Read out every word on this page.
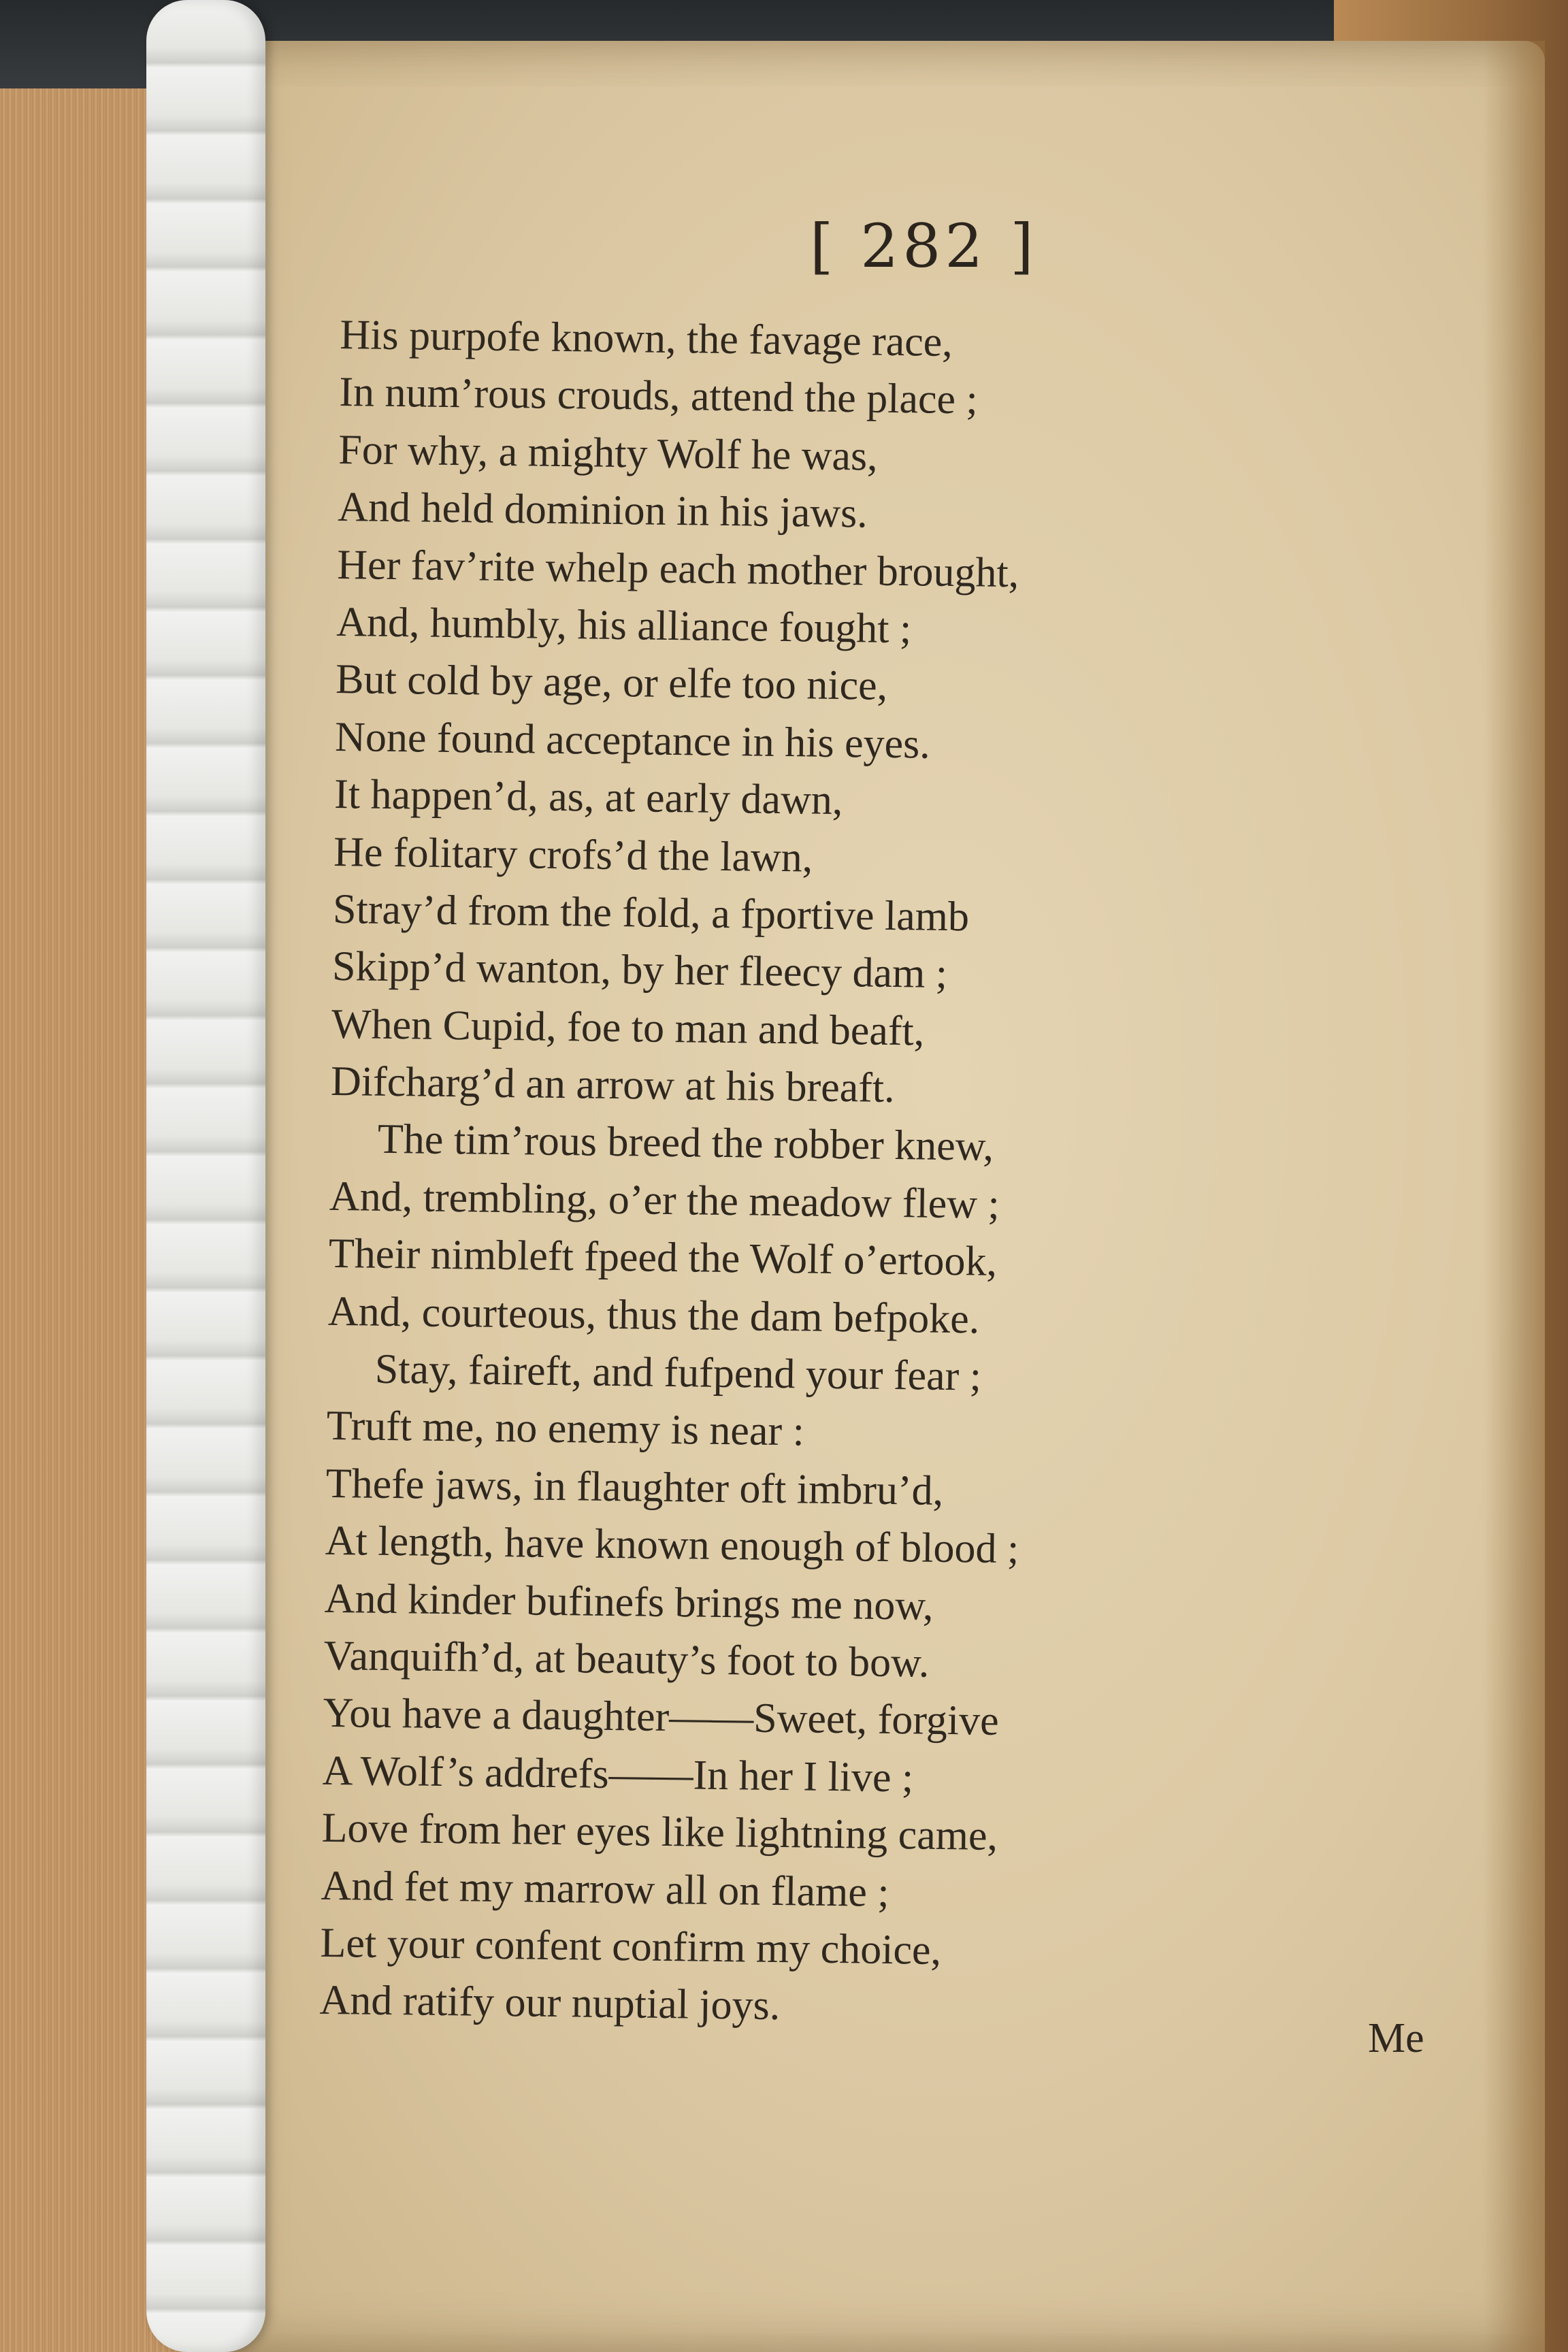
[ 282 ]
His purpofe known, the favage race,
In num’rous crouds, attend the place ;
For why, a mighty Wolf he was,
And held dominion in his jaws.
Her fav’rite whelp each mother brought,
And, humbly, his alliance fought ;
But cold by age, or elfe too nice,
None found acceptance in his eyes.
It happen’d, as, at early dawn,
He folitary crofs’d the lawn,
Stray’d from the fold, a fportive lamb
Skipp’d wanton, by her fleecy dam ;
When Cupid, foe to man and beaft,
Difcharg’d an arrow at his breaft.
The tim’rous breed the robber knew,
And, trembling, o’er the meadow flew ;
Their nimbleft fpeed the Wolf o’ertook,
And, courteous, thus the dam befpoke.
Stay, faireft, and fufpend your fear ;
Truft me, no enemy is near :
Thefe jaws, in flaughter oft imbru’d,
At length, have known enough of blood ;
And kinder bufinefs brings me now,
Vanquifh’d, at beauty’s foot to bow.
You have a daughter——Sweet, forgive
A Wolf’s addrefs——In her I live ;
Love from her eyes like lightning came,
And fet my marrow all on flame ;
Let your confent confirm my choice,
And ratify our nuptial joys.
Me
